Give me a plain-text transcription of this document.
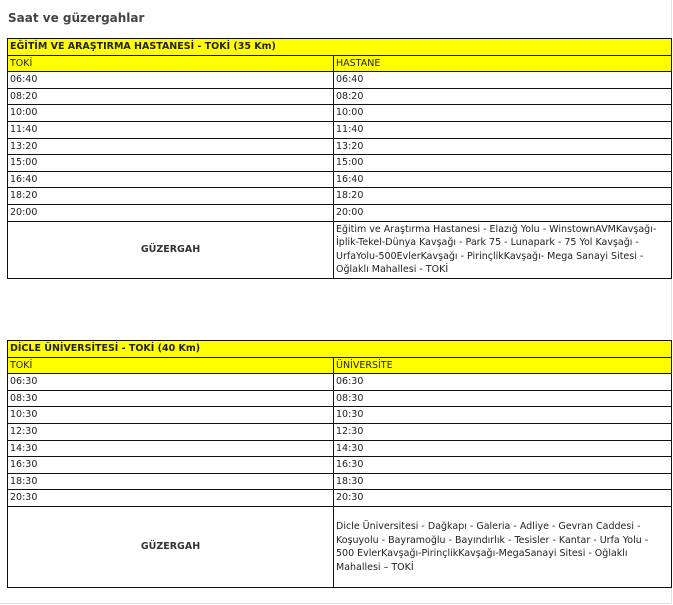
Saat ve güzergahlar
EĞİTİM VE ARAŞTIRMA HASTANESİ - TOKİ (35 Km)	
TOKİ	HASTANE
06:40	06:40
08:20	08:20
10:00	10:00
11:40	11:40
13:20	13:20
15:00	15:00
16:40	16:40
18:20	18:20
20:00	20:00
GÜZERGAH	Eğitim ve Araştırma Hastanesi - Elazığ Yolu - WinstownAVMKavşağı-İplik-Tekel-Dünya Kavşağı - Park 75 - Lunapark - 75 Yol Kavşağı - UrfaYolu-500EvlerKavşağı - PirinçlikKavşağı- Mega Sanayi Sitesi - Oğlaklı Mahallesi - TOKİ
DİCLE ÜNİVERSİTESİ - TOKİ (40 Km)	
TOKİ	ÜNİVERSİTE
06:30	06:30
08:30	08:30
10:30	10:30
12:30	12:30
14:30	14:30
16:30	16:30
18:30	18:30
20:30	20:30
GÜZERGAH	Dicle Üniversitesi - Dağkapı - Galeria - Adliye - Gevran Caddesi - Koşuyolu - Bayramoğlu - Bayındırlık - Tesisler - Kantar - Urfa Yolu - 500 EvlerKavşağı-PirinçlikKavşağı-MegaSanayi Sitesi - Oğlaklı Mahallesi – TOKİ
